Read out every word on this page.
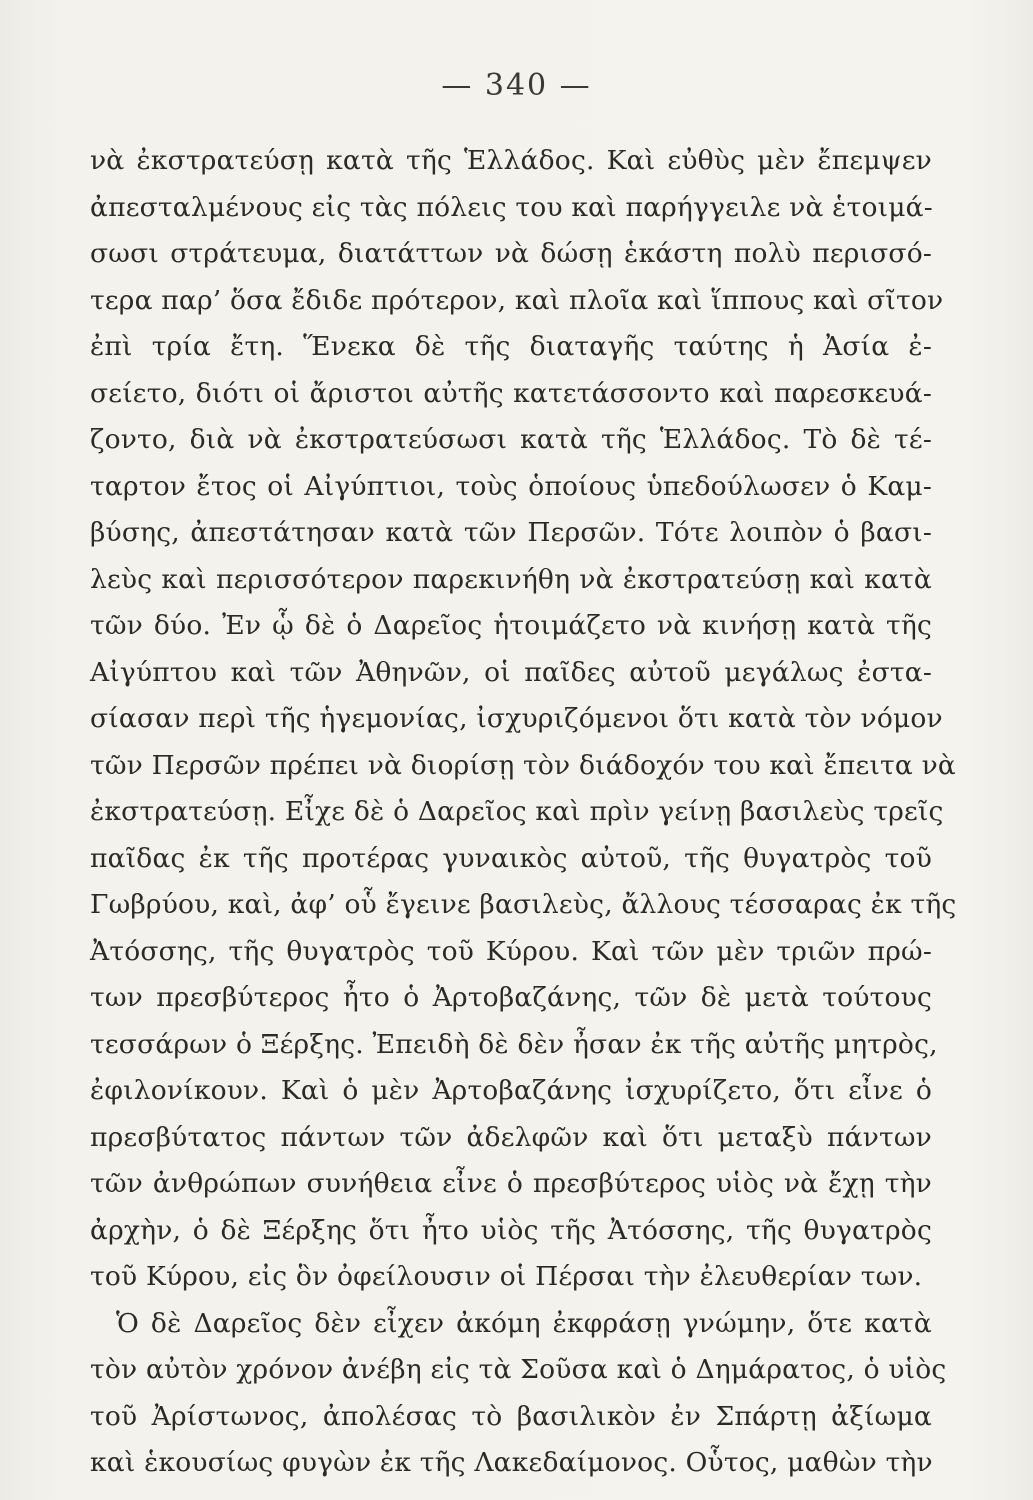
— 340 —
νὰ ἐκστρατεύσῃ κατὰ τῆς Ἑλλάδος. Καὶ εὐθὺς μὲν ἔπεμψεν
ἀπεσταλμένους εἰς τὰς πόλεις του καὶ παρήγγειλε νὰ ἑτοιμά-
σωσι στράτευμα, διατάττων νὰ δώσῃ ἑκάστη πολὺ περισσό-
τερα παρ’ ὅσα ἔδιδε πρότερον, καὶ πλοῖα καὶ ἵππους καὶ σῖτον
ἐπὶ τρία ἔτη. Ἕνεκα δὲ τῆς διαταγῆς ταύτης ἡ Ἀσία ἐ-
σείετο, διότι οἱ ἄριστοι αὐτῆς κατετάσσοντο καὶ παρεσκευά-
ζοντο, διὰ νὰ ἐκστρατεύσωσι κατὰ τῆς Ἑλλάδος. Τὸ δὲ τέ-
ταρτον ἔτος οἱ Αἰγύπτιοι, τοὺς ὁποίους ὑπεδούλωσεν ὁ Καμ-
βύσης, ἀπεστάτησαν κατὰ τῶν Περσῶν. Τότε λοιπὸν ὁ βασι-
λεὺς καὶ περισσότερον παρεκινήθη νὰ ἐκστρατεύσῃ καὶ κατὰ
τῶν δύο. Ἐν ᾧ δὲ ὁ Δαρεῖος ἡτοιμάζετο νὰ κινήσῃ κατὰ τῆς
Αἰγύπτου καὶ τῶν Ἀθηνῶν, οἱ παῖδες αὐτοῦ μεγάλως ἐστα-
σίασαν περὶ τῆς ἡγεμονίας, ἰσχυριζόμενοι ὅτι κατὰ τὸν νόμον
τῶν Περσῶν πρέπει νὰ διορίσῃ τὸν διάδοχόν του καὶ ἔπειτα νὰ
ἐκστρατεύσῃ. Εἶχε δὲ ὁ Δαρεῖος καὶ πρὶν γείνῃ βασιλεὺς τρεῖς
παῖδας ἐκ τῆς προτέρας γυναικὸς αὐτοῦ, τῆς θυγατρὸς τοῦ
Γωβρύου, καὶ, ἀφ’ οὗ ἔγεινε βασιλεὺς, ἄλλους τέσσαρας ἐκ τῆς
Ἀτόσσης, τῆς θυγατρὸς τοῦ Κύρου. Καὶ τῶν μὲν τριῶν πρώ-
των πρεσβύτερος ἦτο ὁ Ἀρτοβαζάνης, τῶν δὲ μετὰ τούτους
τεσσάρων ὁ Ξέρξης. Ἐπειδὴ δὲ δὲν ἦσαν ἐκ τῆς αὐτῆς μητρὸς,
ἐφιλονίκουν. Καὶ ὁ μὲν Ἀρτοβαζάνης ἰσχυρίζετο, ὅτι εἶνε ὁ
πρεσβύτατος πάντων τῶν ἀδελφῶν καὶ ὅτι μεταξὺ πάντων
τῶν ἀνθρώπων συνήθεια εἶνε ὁ πρεσβύτερος υἱὸς νὰ ἔχῃ τὴν
ἀρχὴν, ὁ δὲ Ξέρξης ὅτι ἦτο υἱὸς τῆς Ἀτόσσης, τῆς θυγατρὸς
τοῦ Κύρου, εἰς ὃν ὀφείλουσιν οἱ Πέρσαι τὴν ἐλευθερίαν των.
Ὁ δὲ Δαρεῖος δὲν εἶχεν ἀκόμη ἐκφράσῃ γνώμην, ὅτε κατὰ
τὸν αὐτὸν χρόνον ἀνέβη εἰς τὰ Σοῦσα καὶ ὁ Δημάρατος, ὁ υἱὸς
τοῦ Ἀρίστωνος, ἀπολέσας τὸ βασιλικὸν ἐν Σπάρτῃ ἀξίωμα
καὶ ἑκουσίως φυγὼν ἐκ τῆς Λακεδαίμονος. Οὗτος, μαθὼν τὴν
